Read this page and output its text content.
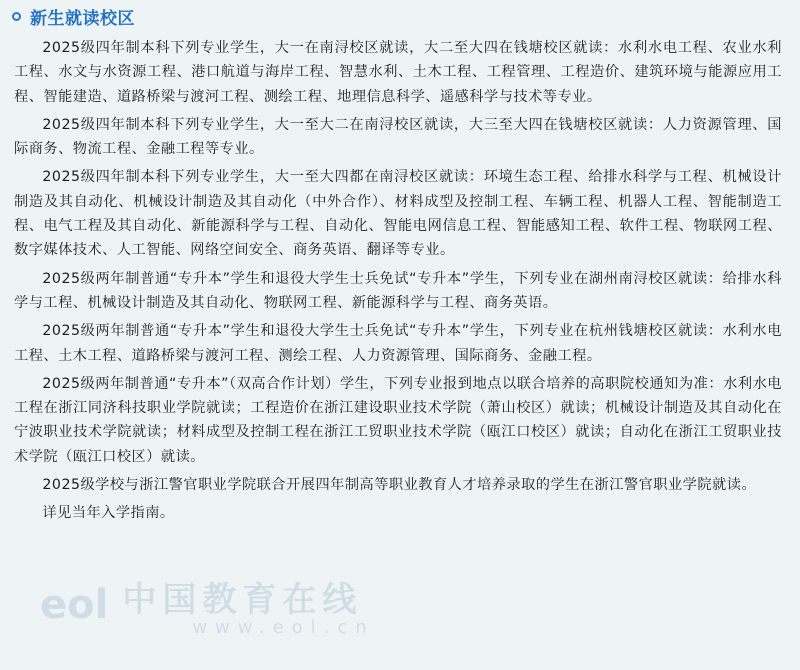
新生就读校区

2025级四年制本科下列专业学生，大一在南浔校区就读，大二至大四在钱塘校区就读：水利水电工程、农业水利工程、水文与水资源工程、港口航道与海岸工程、智慧水利、土木工程、工程管理、工程造价、建筑环境与能源应用工程、智能建造、道路桥梁与渡河工程、测绘工程、地理信息科学、遥感科学与技术等专业。

2025级四年制本科下列专业学生，大一至大二在南浔校区就读，大三至大四在钱塘校区就读：人力资源管理、国际商务、物流工程、金融工程等专业。

2025级四年制本科下列专业学生，大一至大四都在南浔校区就读：环境生态工程、给排水科学与工程、机械设计制造及其自动化、机械设计制造及其自动化（中外合作）、材料成型及控制工程、车辆工程、机器人工程、智能制造工程、电气工程及其自动化、新能源科学与工程、自动化、智能电网信息工程、智能感知工程、软件工程、物联网工程、数字媒体技术、人工智能、网络空间安全、商务英语、翻译等专业。

2025级两年制普通“专升本”学生和退役大学生士兵免试“专升本”学生，下列专业在湖州南浔校区就读：给排水科学与工程、机械设计制造及其自动化、物联网工程、新能源科学与工程、商务英语。

2025级两年制普通“专升本”学生和退役大学生士兵免试“专升本”学生，下列专业在杭州钱塘校区就读：水利水电工程、土木工程、道路桥梁与渡河工程、测绘工程、人力资源管理、国际商务、金融工程。

2025级两年制普通“专升本”（双高合作计划）学生，下列专业报到地点以联合培养的高职院校通知为准：水利水电工程在浙江同济科技职业学院就读；工程造价在浙江建设职业技术学院（萧山校区）就读；机械设计制造及其自动化在宁波职业技术学院就读；材料成型及控制工程在浙江工贸职业技术学院（瓯江口校区）就读；自动化在浙江工贸职业技术学院（瓯江口校区）就读。

2025级学校与浙江警官职业学院联合开展四年制高等职业教育人才培养录取的学生在浙江警官职业学院就读。

详见当年入学指南。

eol 中国教育在线
www.eol.cn
